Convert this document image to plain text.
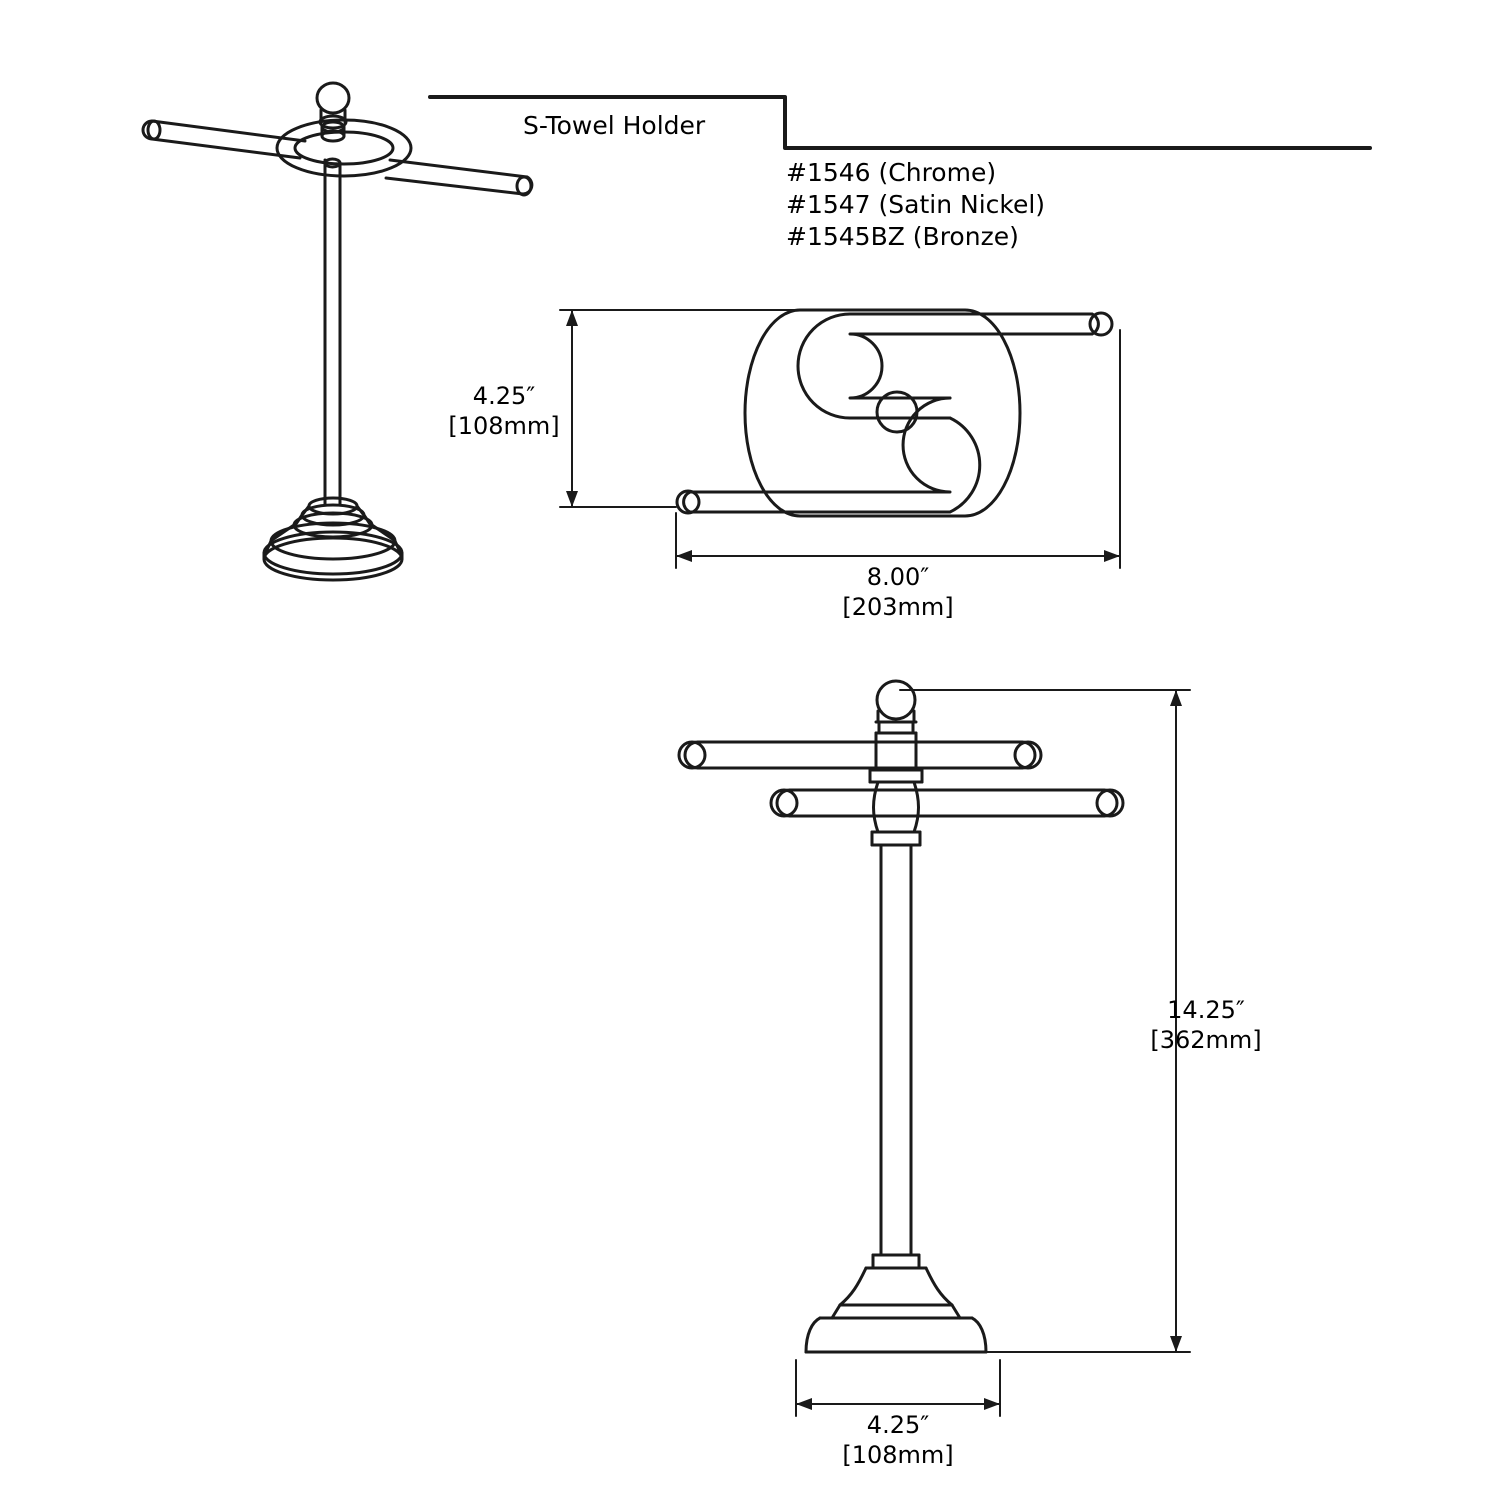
S-Towel Holder
#1546 (Chrome)
#1547 (Satin Nickel)
#1545BZ (Bronze)
4.25″
[108mm]
8.00″
[203mm]
14.25″
[362mm]
4.25″
[108mm]
